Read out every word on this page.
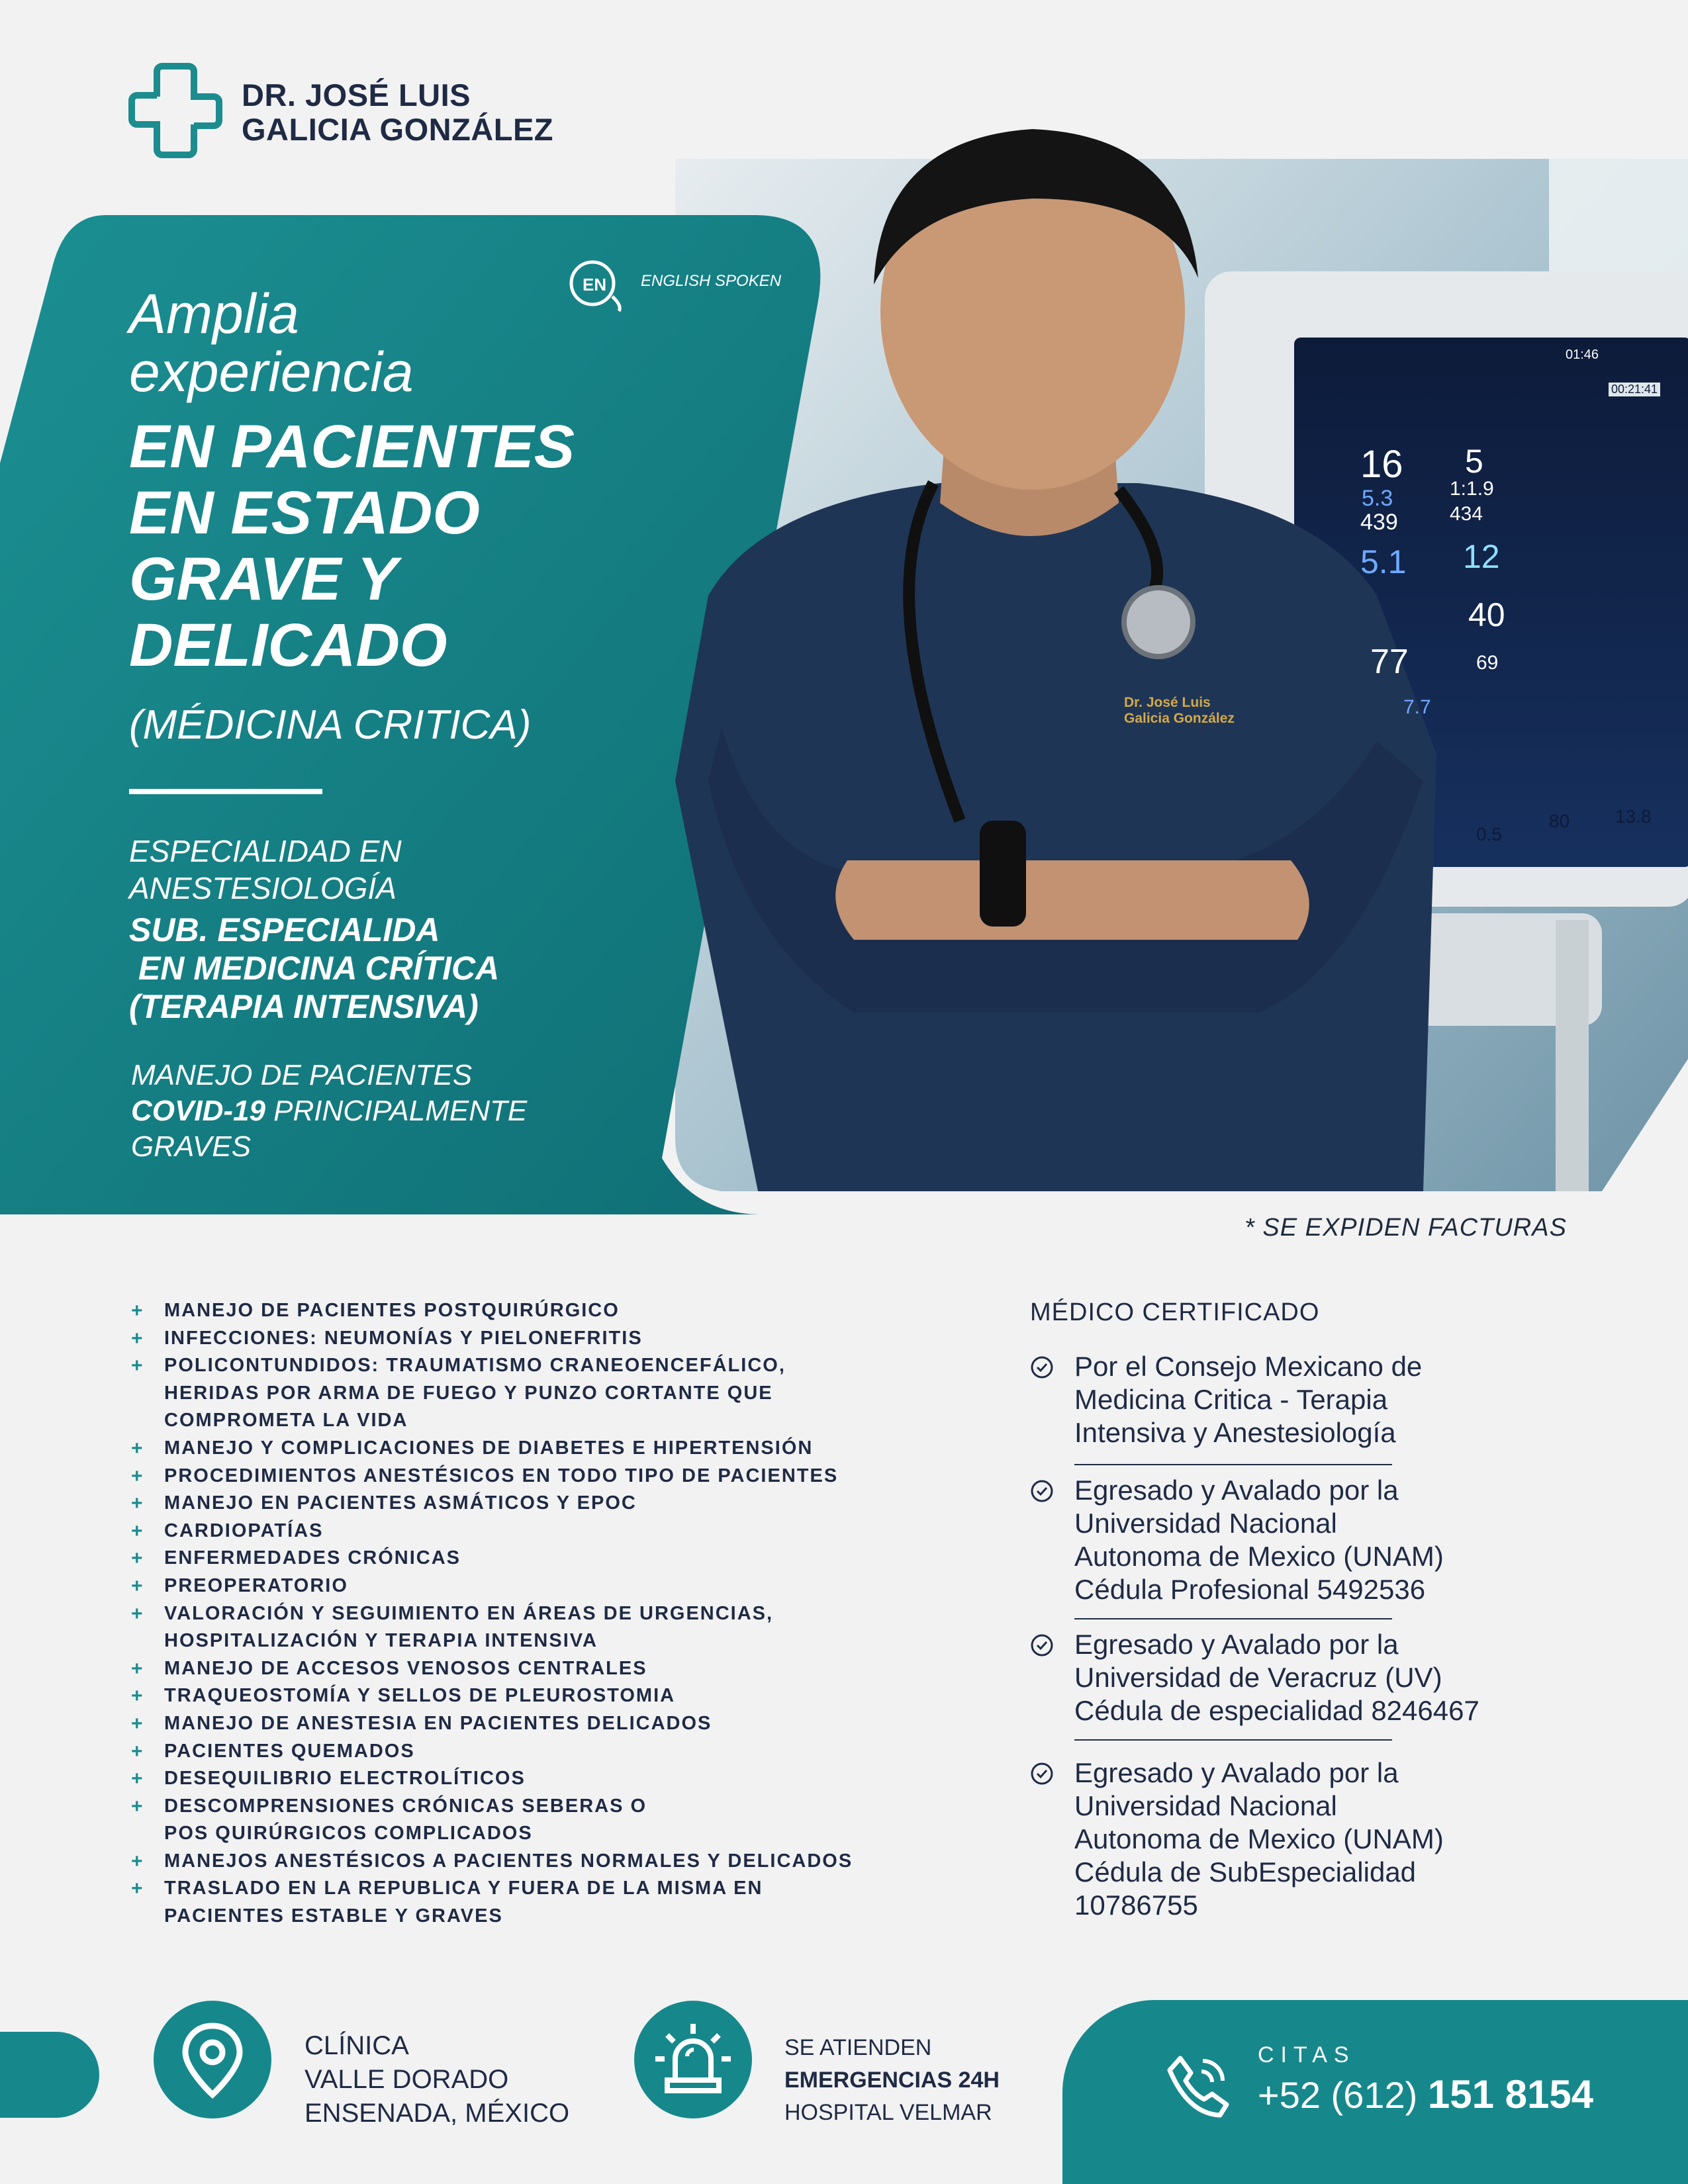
DR. JOSÉ LUIS
GALICIA GONZÁLEZ
EN ENGLISH SPOKEN
Amplia
experiencia
EN PACIENTES
EN ESTADO
GRAVE Y
DELICADO
(MÉDICINA CRITICA)
ESPECIALIDAD EN
ANESTESIOLOGÍA
SUB. ESPECIALIDA
EN MEDICINA CRÍTICA
(TERAPIA INTENSIVA)
MANEJO DE PACIENTES
COVID-19 PRINCIPALMENTE
GRAVES
Dr. José Luis
Galicia González
01:46
00:21:41
16 5
5.3	1:1.9
439	434
5.1 12
40
77	69
7.7
0.5
80 13.8
* SE EXPIDEN FACTURAS
+ MANEJO DE PACIENTES POSTQUIRÚRGICO
+ INFECCIONES: NEUMONÍAS Y PIELONEFRITIS
+ POLICONTUNDIDOS: TRAUMATISMO CRANEOENCEFÁLICO,
HERIDAS POR ARMA DE FUEGO Y PUNZO CORTANTE QUE
COMPROMETA LA VIDA
+ MANEJO Y COMPLICACIONES DE DIABETES E HIPERTENSIÓN
+ PROCEDIMIENTOS ANESTÉSICOS EN TODO TIPO DE PACIENTES
+ MANEJO EN PACIENTES ASMÁTICOS Y EPOC
+ CARDIOPATÍAS
+ ENFERMEDADES CRÓNICAS
+ PREOPERATORIO
+ VALORACIÓN Y SEGUIMIENTO EN ÁREAS DE URGENCIAS,
HOSPITALIZACIÓN Y TERAPIA INTENSIVA
+ MANEJO DE ACCESOS VENOSOS CENTRALES
+ TRAQUEOSTOMÍA Y SELLOS DE PLEUROSTOMIA
+ MANEJO DE ANESTESIA EN PACIENTES DELICADOS
+ PACIENTES QUEMADOS
+ DESEQUILIBRIO ELECTROLÍTICOS
+ DESCOMPRENSIONES CRÓNICAS SEBERAS O
POS QUIRÚRGICOS COMPLICADOS
+ MANEJOS ANESTÉSICOS A PACIENTES NORMALES Y DELICADOS
+ TRASLADO EN LA REPUBLICA Y FUERA DE LA MISMA EN
PACIENTES ESTABLE Y GRAVES
MÉDICO CERTIFICADO
Por el Consejo Mexicano de
Medicina Critica - Terapia
Intensiva y Anestesiología
Egresado y Avalado por la
Universidad Nacional
Autonoma de Mexico (UNAM)
Cédula Profesional 5492536
Egresado y Avalado por la
Universidad de Veracruz (UV)
Cédula de especialidad 8246467
Egresado y Avalado por la
Universidad Nacional
Autonoma de Mexico (UNAM)
Cédula de SubEspecialidad
10786755
CLÍNICA
VALLE DORADO
ENSENADA, MÉXICO
SE ATIENDEN
EMERGENCIAS 24H
HOSPITAL VELMAR
CITAS
+52 (612) 151 8154
